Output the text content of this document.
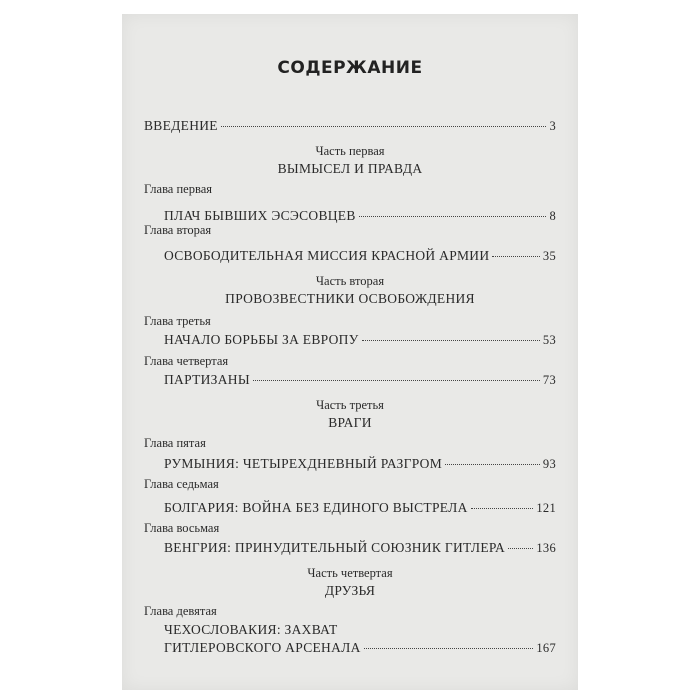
СОДЕРЖАНИЕ
ВВЕДЕНИЕ	3
Часть первая
ВЫМЫСЕЛ И ПРАВДА
Глава первая
ПЛАЧ БЫВШИХ ЭСЭСОВЦЕВ	8
Глава вторая
ОСВОБОДИТЕЛЬНАЯ МИССИЯ КРАСНОЙ АРМИИ	35
Часть вторая
ПРОВОЗВЕСТНИКИ ОСВОБОЖДЕНИЯ
Глава третья
НАЧАЛО БОРЬБЫ ЗА ЕВРОПУ	53
Глава четвертая
ПАРТИЗАНЫ	73
Часть третья
ВРАГИ
Глава пятая
РУМЫНИЯ: ЧЕТЫРЕХДНЕВНЫЙ РАЗГРОМ	93
Глава седьмая
БОЛГАРИЯ: ВОЙНА БЕЗ ЕДИНОГО ВЫСТРЕЛА	121
Глава восьмая
ВЕНГРИЯ: ПРИНУДИТЕЛЬНЫЙ СОЮЗНИК ГИТЛЕРА	136
Часть четвертая
ДРУЗЬЯ
Глава девятая
ЧЕХОСЛОВАКИЯ: ЗАХВАТ
ГИТЛЕРОВСКОГО АРСЕНАЛА	167
